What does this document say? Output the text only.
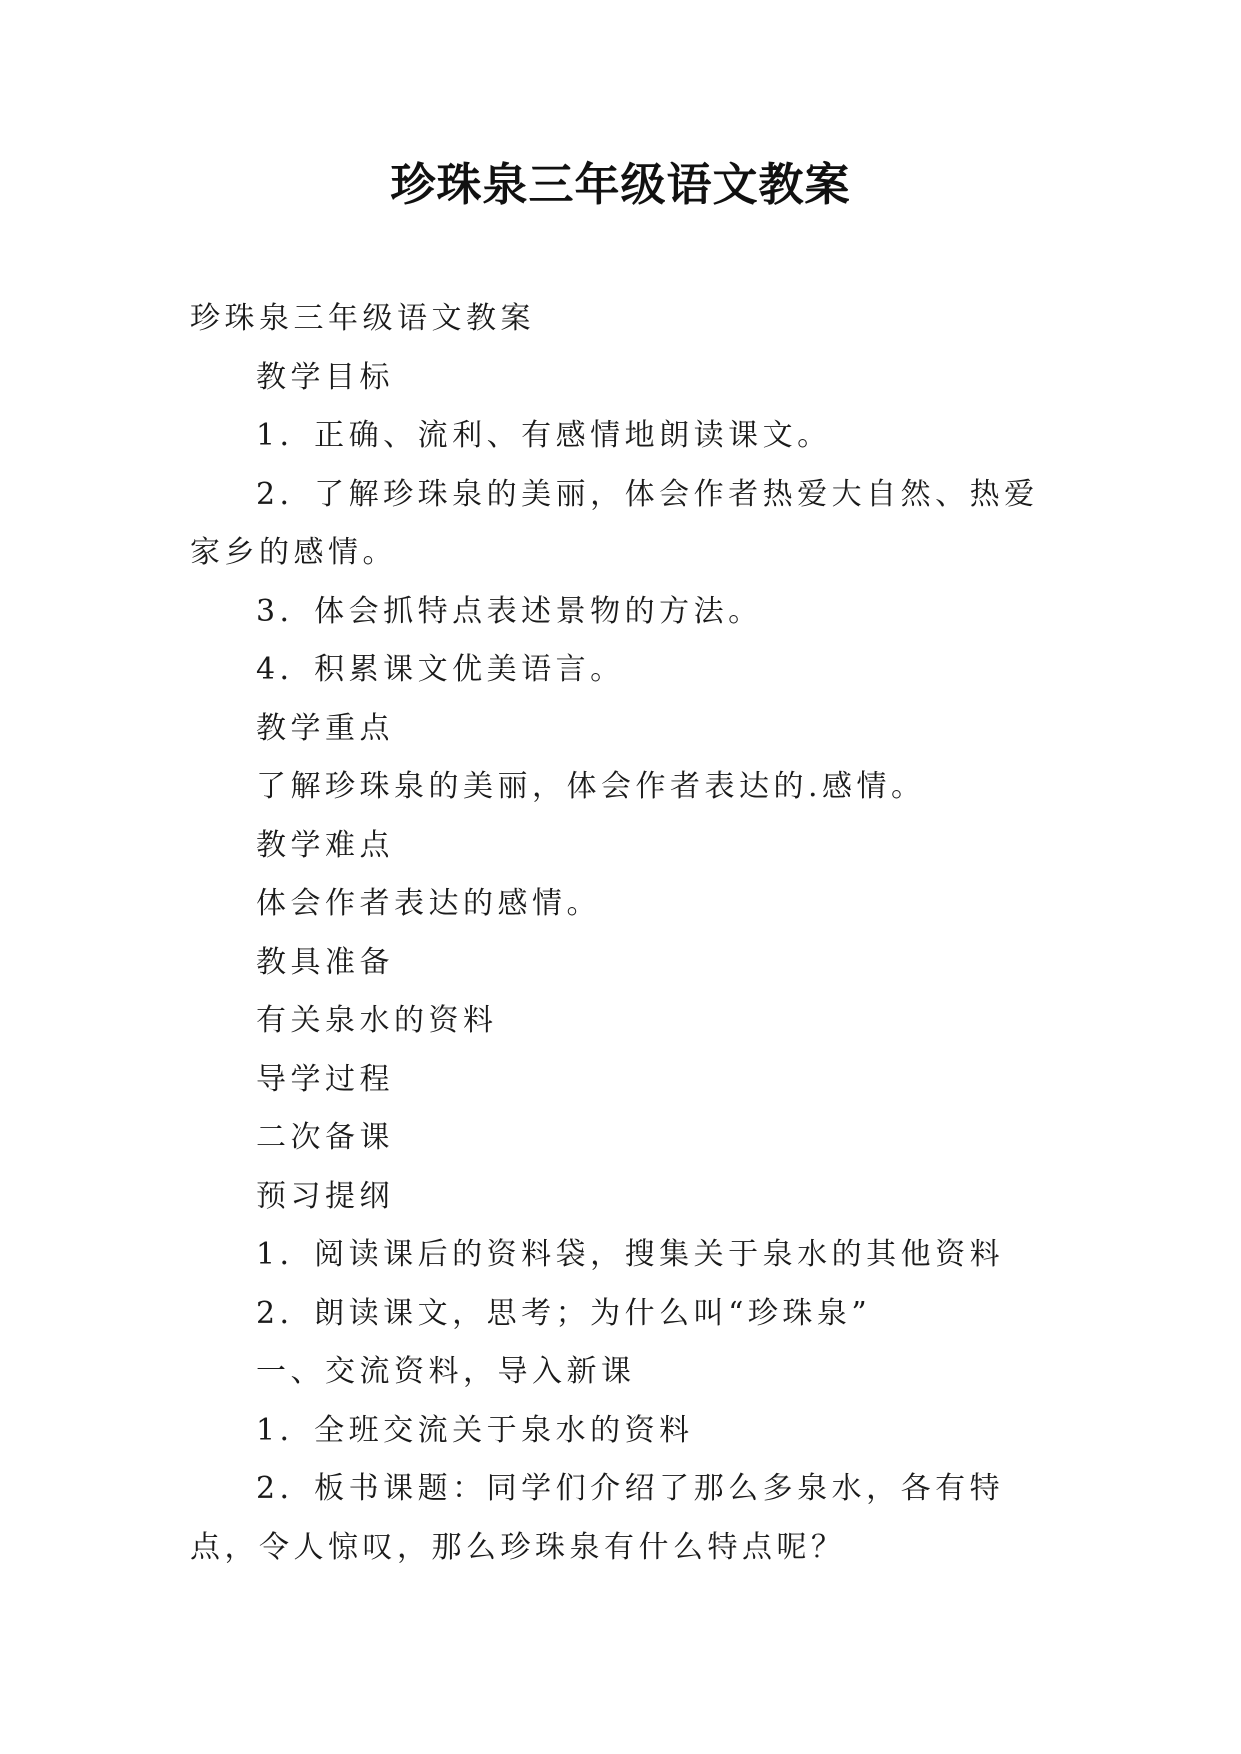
珍珠泉三年级语文教案

珍珠泉三年级语文教案

教学目标

1．正确、流利、有感情地朗读课文。

2．了解珍珠泉的美丽，体会作者热爱大自然、热爱家乡的感情。

3．体会抓特点表述景物的方法。

4．积累课文优美语言。

教学重点

了解珍珠泉的美丽，体会作者表达的.感情。

教学难点

体会作者表达的感情。

教具准备

有关泉水的资料

导学过程

二次备课

预习提纲

1．阅读课后的资料袋，搜集关于泉水的其他资料

2．朗读课文，思考；为什么叫“珍珠泉”

一、交流资料，导入新课

1．全班交流关于泉水的资料

2．板书课题：同学们介绍了那么多泉水，各有特点，令人惊叹，那么珍珠泉有什么特点呢？
